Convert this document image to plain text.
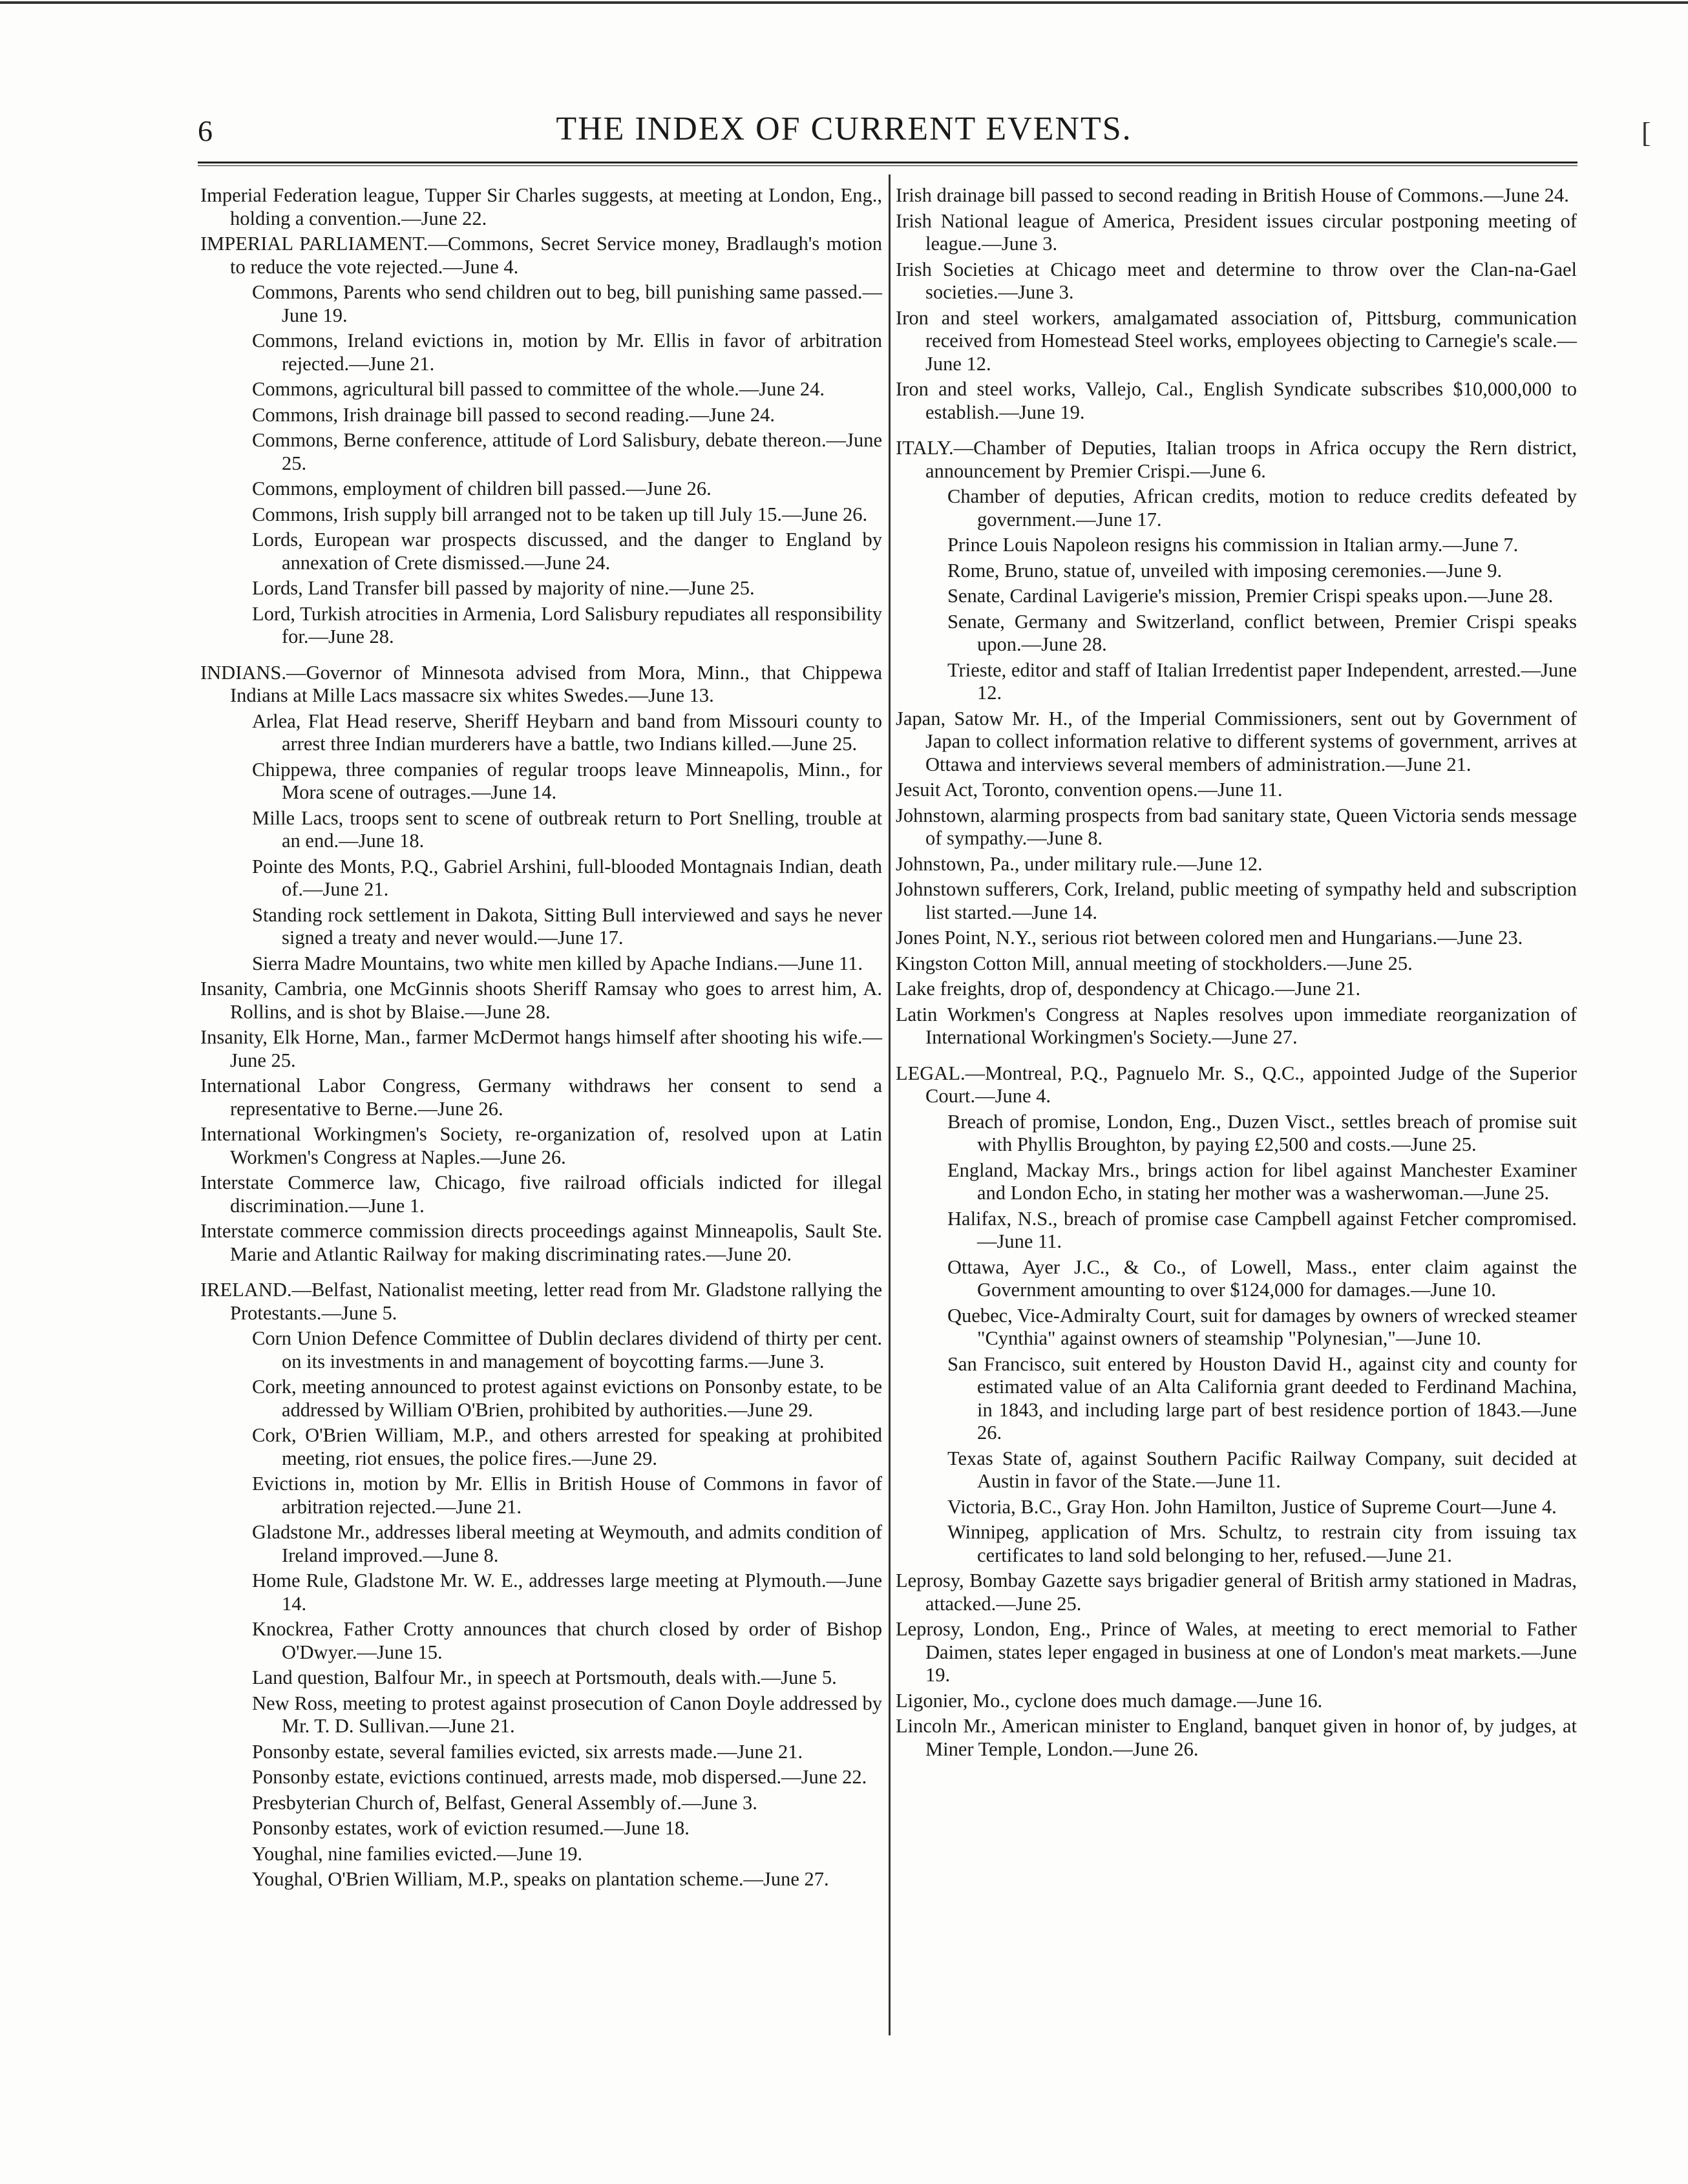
6	THE INDEX OF CURRENT EVENTS.	[

Imperial Federation league, Tupper Sir Charles suggests, at meeting at London, Eng., holding a convention.—June 22.

IMPERIAL PARLIAMENT.—Commons, Secret Service money, Bradlaugh's motion to reduce the vote rejected.—June 4.

Commons, Parents who send children out to beg, bill punishing same passed.—June 19.

Commons, Ireland evictions in, motion by Mr. Ellis in favor of arbitration rejected.—June 21.

Commons, agricultural bill passed to committee of the whole.—June 24.

Commons, Irish drainage bill passed to second reading.—June 24.

Commons, Berne conference, attitude of Lord Salisbury, debate thereon.—June 25.

Commons, employment of children bill passed.—June 26.

Commons, Irish supply bill arranged not to be taken up till July 15.—June 26.

Lords, European war prospects discussed, and the danger to England by annexation of Crete dismissed.—June 24.

Lords, Land Transfer bill passed by majority of nine.—June 25.

Lord, Turkish atrocities in Armenia, Lord Salisbury repudiates all responsibility for.—June 28.

INDIANS.—Governor of Minnesota advised from Mora, Minn., that Chippewa Indians at Mille Lacs massacre six whites Swedes.—June 13.

Arlea, Flat Head reserve, Sheriff Heybarn and band from Missouri county to arrest three Indian murderers have a battle, two Indians killed.—June 25.

Chippewa, three companies of regular troops leave Minneapolis, Minn., for Mora scene of outrages.—June 14.

Mille Lacs, troops sent to scene of outbreak return to Port Snelling, trouble at an end.—June 18.

Pointe des Monts, P.Q., Gabriel Arshini, full-blooded Montagnais Indian, death of.—June 21.

Standing rock settlement in Dakota, Sitting Bull interviewed and says he never signed a treaty and never would.—June 17.

Sierra Madre Mountains, two white men killed by Apache Indians.—June 11.

Insanity, Cambria, one McGinnis shoots Sheriff Ramsay who goes to arrest him, A. Rollins, and is shot by Blaise.—June 28.

Insanity, Elk Horne, Man., farmer McDermot hangs himself after shooting his wife.—June 25.

International Labor Congress, Germany withdraws her consent to send a representative to Berne.—June 26.

International Workingmen's Society, re-organization of, resolved upon at Latin Workmen's Congress at Naples.—June 26.

Interstate Commerce law, Chicago, five railroad officials indicted for illegal discrimination.—June 1.

Interstate commerce commission directs proceedings against Minneapolis, Sault Ste. Marie and Atlantic Railway for making discriminating rates.—June 20.

IRELAND.—Belfast, Nationalist meeting, letter read from Mr. Gladstone rallying the Protestants.—June 5.

Corn Union Defence Committee of Dublin declares dividend of thirty per cent. on its investments in and management of boycotting farms.—June 3.

Cork, meeting announced to protest against evictions on Ponsonby estate, to be addressed by William O'Brien, prohibited by authorities.—June 29.

Cork, O'Brien William, M.P., and others arrested for speaking at prohibited meeting, riot ensues, the police fires.—June 29.

Evictions in, motion by Mr. Ellis in British House of Commons in favor of arbitration rejected.—June 21.

Gladstone Mr., addresses liberal meeting at Weymouth, and admits condition of Ireland improved.—June 8.

Home Rule, Gladstone Mr. W. E., addresses large meeting at Plymouth.—June 14.

Knockrea, Father Crotty announces that church closed by order of Bishop O'Dwyer.—June 15.

Land question, Balfour Mr., in speech at Portsmouth, deals with.—June 5.

New Ross, meeting to protest against prosecution of Canon Doyle addressed by Mr. T. D. Sullivan.—June 21.

Ponsonby estate, several families evicted, six arrests made.—June 21.

Ponsonby estate, evictions continued, arrests made, mob dispersed.—June 22.

Presbyterian Church of, Belfast, General Assembly of.—June 3.

Ponsonby estates, work of eviction resumed.—June 18.

Youghal, nine families evicted.—June 19.

Youghal, O'Brien William, M.P., speaks on plantation scheme.—June 27.

Irish drainage bill passed to second reading in British House of Commons.—June 24.

Irish National league of America, President issues circular postponing meeting of league.—June 3.

Irish Societies at Chicago meet and determine to throw over the Clan-na-Gael societies.—June 3.

Iron and steel workers, amalgamated association of, Pittsburg, communication received from Homestead Steel works, employees objecting to Carnegie's scale.—June 12.

Iron and steel works, Vallejo, Cal., English Syndicate subscribes $10,000,000 to establish.—June 19.

ITALY.—Chamber of Deputies, Italian troops in Africa occupy the Rern district, announcement by Premier Crispi.—June 6.

Chamber of deputies, African credits, motion to reduce credits defeated by government.—June 17.

Prince Louis Napoleon resigns his commission in Italian army.—June 7.

Rome, Bruno, statue of, unveiled with imposing ceremonies.—June 9.

Senate, Cardinal Lavigerie's mission, Premier Crispi speaks upon.—June 28.

Senate, Germany and Switzerland, conflict between, Premier Crispi speaks upon.—June 28.

Trieste, editor and staff of Italian Irredentist paper Independent, arrested.—June 12.

Japan, Satow Mr. H., of the Imperial Commissioners, sent out by Government of Japan to collect information relative to different systems of government, arrives at Ottawa and interviews several members of administration.—June 21.

Jesuit Act, Toronto, convention opens.—June 11.

Johnstown, alarming prospects from bad sanitary state, Queen Victoria sends message of sympathy.—June 8.

Johnstown, Pa., under military rule.—June 12.

Johnstown sufferers, Cork, Ireland, public meeting of sympathy held and subscription list started.—June 14.

Jones Point, N.Y., serious riot between colored men and Hungarians.—June 23.

Kingston Cotton Mill, annual meeting of stockholders.—June 25.

Lake freights, drop of, despondency at Chicago.—June 21.

Latin Workmen's Congress at Naples resolves upon immediate reorganization of International Workingmen's Society.—June 27.

LEGAL.—Montreal, P.Q., Pagnuelo Mr. S., Q.C., appointed Judge of the Superior Court.—June 4.

Breach of promise, London, Eng., Duzen Visct., settles breach of promise suit with Phyllis Broughton, by paying £2,500 and costs.—June 25.

England, Mackay Mrs., brings action for libel against Manchester Examiner and London Echo, in stating her mother was a washerwoman.—June 25.

Halifax, N.S., breach of promise case Campbell against Fetcher compromised.—June 11.

Ottawa, Ayer J.C., & Co., of Lowell, Mass., enter claim against the Government amounting to over $124,000 for damages.—June 10.

Quebec, Vice-Admiralty Court, suit for damages by owners of wrecked steamer "Cynthia" against owners of steamship "Polynesian,"—June 10.

San Francisco, suit entered by Houston David H., against city and county for estimated value of an Alta California grant deeded to Ferdinand Machina, in 1843, and including large part of best residence portion of 1843.—June 26.

Texas State of, against Southern Pacific Railway Company, suit decided at Austin in favor of the State.—June 11.

Victoria, B.C., Gray Hon. John Hamilton, Justice of Supreme Court—June 4.

Winnipeg, application of Mrs. Schultz, to restrain city from issuing tax certificates to land sold belonging to her, refused.—June 21.

Leprosy, Bombay Gazette says brigadier general of British army stationed in Madras, attacked.—June 25.

Leprosy, London, Eng., Prince of Wales, at meeting to erect memorial to Father Daimen, states leper engaged in business at one of London's meat markets.—June 19.

Ligonier, Mo., cyclone does much damage.—June 16.

Lincoln Mr., American minister to England, banquet given in honor of, by judges, at Miner Temple, London.—June 26.
